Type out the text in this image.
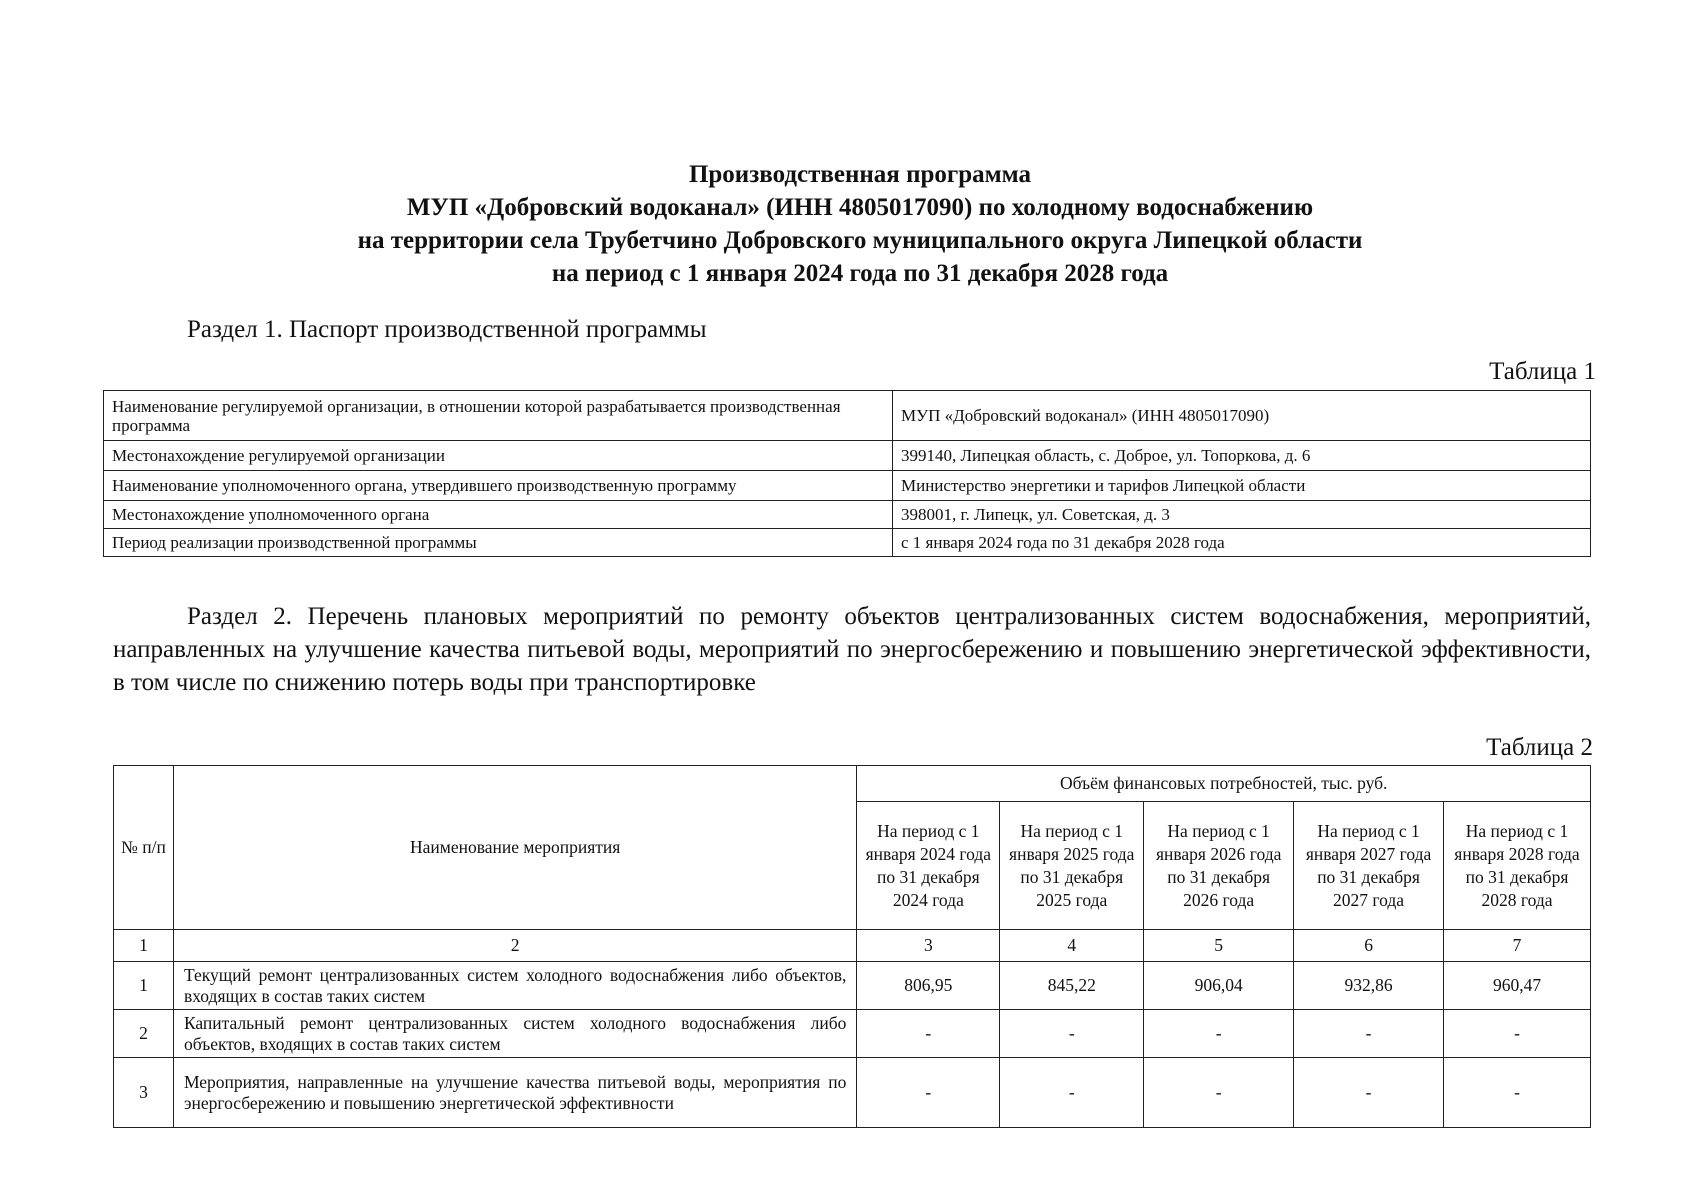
Производственная программа
МУП «Добровский водоканал» (ИНН 4805017090) по холодному водоснабжению
на территории села Трубетчино Добровского муниципального округа Липецкой области
на период с 1 января 2024 года по 31 декабря 2028 года
Раздел 1. Паспорт производственной программы
Таблица 1
Наименование регулируемой организации, в отношении которой разрабатывается производственная программа	МУП «Добровский водоканал» (ИНН 4805017090)
Местонахождение регулируемой организации	399140, Липецкая область, с. Доброе, ул. Топоркова, д. 6
Наименование уполномоченного органа, утвердившего производственную программу	Министерство энергетики и тарифов Липецкой области
Местонахождение уполномоченного органа	398001, г. Липецк, ул. Советская, д. 3
Период реализации производственной программы	с 1 января 2024 года по 31 декабря 2028 года
Раздел 2. Перечень плановых мероприятий по ремонту объектов централизованных систем водоснабжения, мероприятий, направленных на улучшение качества питьевой воды, мероприятий по энергосбережению и повышению энергетической эффективности, в том числе по снижению потерь воды при транспортировке
Таблица 2
№ п/п	Наименование мероприятия	Объём финансовых потребностей, тыс. руб.				
		На период с 1 января 2024 года по 31 декабря 2024 года	На период с 1 января 2025 года по 31 декабря 2025 года	На период с 1 января 2026 года по 31 декабря 2026 года	На период с 1 января 2027 года по 31 декабря 2027 года	На период с 1 января 2028 года по 31 декабря 2028 года
1	2	3	4	5	6	7
1	Текущий ремонт централизованных систем холодного водоснабжения либо объектов, входящих в состав таких систем	806,95	845,22	906,04	932,86	960,47
2	Капитальный ремонт централизованных систем холодного водоснабжения либо объектов, входящих в состав таких систем	-	-	-	-	-
3	Мероприятия, направленные на улучшение качества питьевой воды, мероприятия по энергосбережению и повышению энергетической эффективности	-	-	-	-	-
